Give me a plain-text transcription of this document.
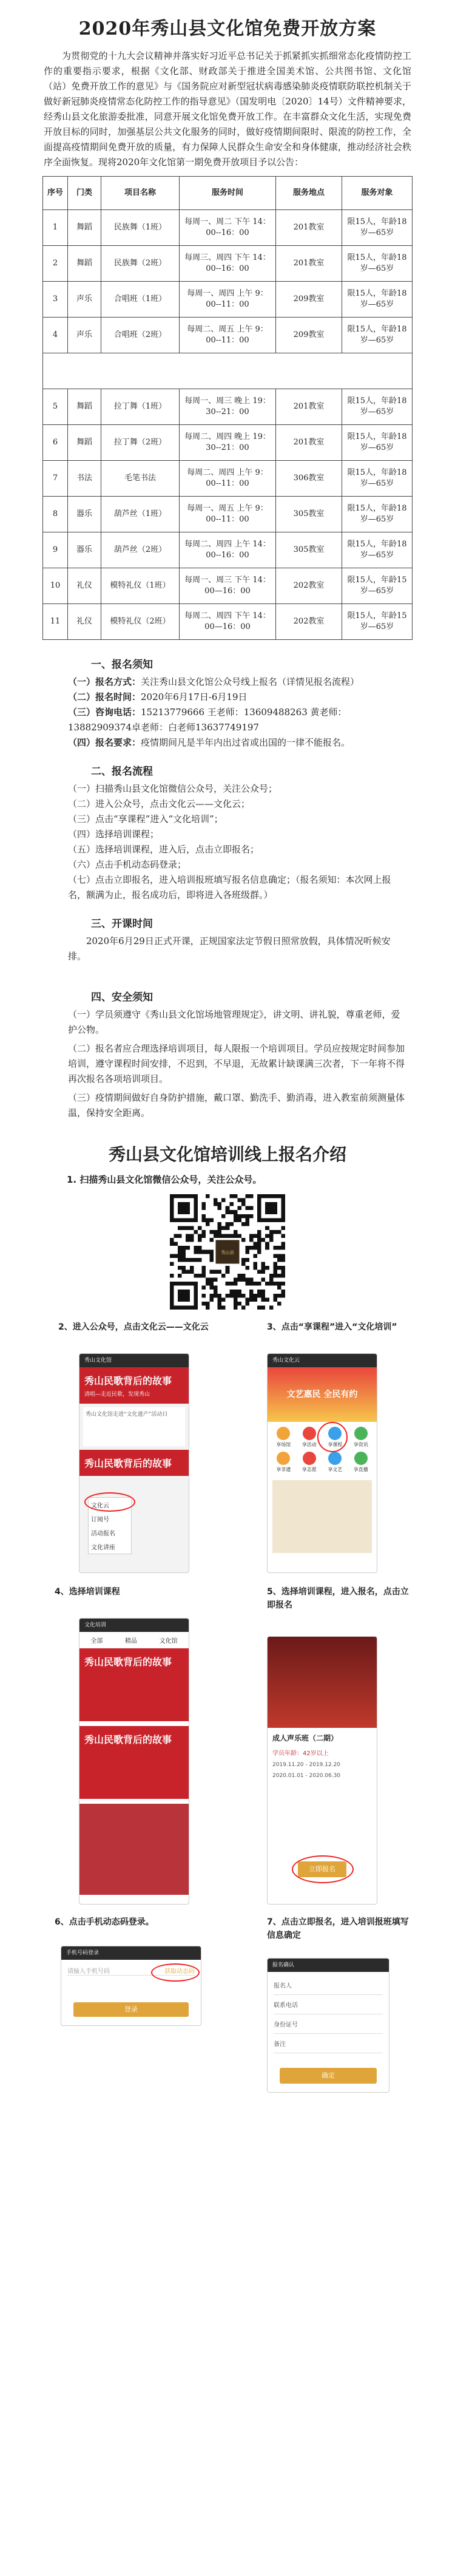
2020年秀山县文化馆免费开放方案

为贯彻党的十九大会议精神并落实好习近平总书记关于抓紧抓实抓细常态化疫情防控工作的重要指示要求，根据《文化部、财政部关于推进全国美术馆、公共图书馆、文化馆（站）免费开放工作的意见》与《国务院应对新型冠状病毒感染肺炎疫情联防联控机制关于做好新冠肺炎疫情常态化防控工作的指导意见》（国发明电〔2020〕14号）文件精神要求，经秀山县文化旅游委批准，同意开展文化馆免费开放工作。在丰富群众文化生活，实现免费开放目标的同时，加强基层公共文化服务的同时，做好疫情期间限时、限流的防控工作，全面提高疫情期间免费开放的质量，有力保障人民群众生命安全和身体健康，推动经济社会秩序全面恢复。现将2020年文化馆第一期免费开放项目予以公告：

序号	门类	项目名称	服务时间	服务地点	服务对象
1	舞蹈	民族舞（1班）	每周一、周二 下午 14：00--16：00	201教室	限15人，年龄18岁—65岁
2	舞蹈	民族舞（2班）	每周三、周四 下午 14：00--16：00	201教室	限15人，年龄18岁—65岁
3	声乐	合唱班（1班）	每周一、周四 上午 9：00--11：00	209教室	限15人，年龄18岁—65岁
4	声乐	合唱班（2班）	每周二、周五 上午 9：00--11：00	209教室	限15人，年龄18岁—65岁

5	舞蹈	拉丁舞（1班）	每周一、周三 晚上 19：30--21：00	201教室	限15人，年龄18岁—65岁
6	舞蹈	拉丁舞（2班）	每周二、周四 晚上 19：30--21：00	201教室	限15人，年龄18岁—65岁
7	书法	毛笔书法	每周二、周四 上午 9：00--11：00	306教室	限15人，年龄18岁—65岁
8	器乐	葫芦丝（1班）	每周一、周五 上午 9：00--11：00	305教室	限15人，年龄18岁—65岁
9	器乐	葫芦丝（2班）	每周二、周四 上午 14：00--16：00	305教室	限15人，年龄18岁—65岁
10	礼仪	模特礼仪（1班）	每周一、周三 下午 14：00—16：00	202教室	限15人，年龄15岁—65岁
11	礼仪	模特礼仪（2班）	每周二、周四 下午 14：00—16：00	202教室	限15人，年龄15岁—65岁
一、报名须知

（一）报名方式：关注秀山县文化馆公众号线上报名（详情见报名流程）

（二）报名时间：2020年6月17日-6月19日

（三）咨询电话：15213779666 王老师：13609488263 黄老师：13882909374卓老师：白老师13637749197

（四）报名要求：疫情期间凡是半年内出过省或出国的一律不能报名。

二、报名流程

（一）扫描秀山县文化馆微信公众号，关注公众号；

（二）进入公众号，点击文化云——文化云；

（三）点击“享课程”进入“文化培训”；

（四）选择培训课程；

（五）选择培训课程，进入后，点击立即报名；

（六）点击手机动态码登录；

（七）点击立即报名，进入培训报班填写报名信息确定；（报名须知：本次网上报名，额满为止，报名成功后，即将进入各班级群。）

三、开课时间

2020年6月29日正式开课，正规国家法定节假日照常放假，具体情况听候安排。

四、安全须知

（一）学员须遵守《秀山县文化馆场地管理规定》，讲文明、讲礼貌，尊重老师，爱护公物。

（二）报名者应合理选择培训项目，每人限报一个培训项目。学员应按规定时间参加培训，遵守课程时间安排，不迟到，不早退，无故累计缺课满三次者，下一年将不得再次报名各项培训项目。

（三）疫情期间做好自身防护措施，戴口罩、勤洗手、勤消毒，进入教室前须测量体温，保持安全距离。

秀山县文化馆培训线上报名介绍
1. 扫描秀山县文化馆微信公众号，关注公众号。
秀山县
2、进入公众号，点击文化云——文化云	3、点击“享课程”进入“文化培训”
秀山文化馆
秀山民歌背后的故事
清唱—走近民歌，发现秀山
秀山文化馆走进“文化遗产”活动日
秀山民歌背后的故事
文化云
订阅号
活动报名
文化讲座
秀山文化云
文艺惠民 全民有约
享场馆	享活动	享课程	享资讯
享非遗	享志愿	享文艺	享直播
4、选择培训课程	5、选择培训课程，进入报名，点击立即报名
文化培训
全部	精品	文化馆
秀山民歌背后的故事
秀山民歌背后的故事	成人声乐班（二期）
学员年龄：42岁以上
2019.11.20 - 2019.12.20
2020.01.01 - 2020.06.30
立即报名
6、点击手机动态码登录。	7、点击立即报名，进入培训报班填写信息确定
手机号码登录
请输入手机号码	获取动态码
登录
报名确认
报名人
联系电话
身份证号
备注
确定
